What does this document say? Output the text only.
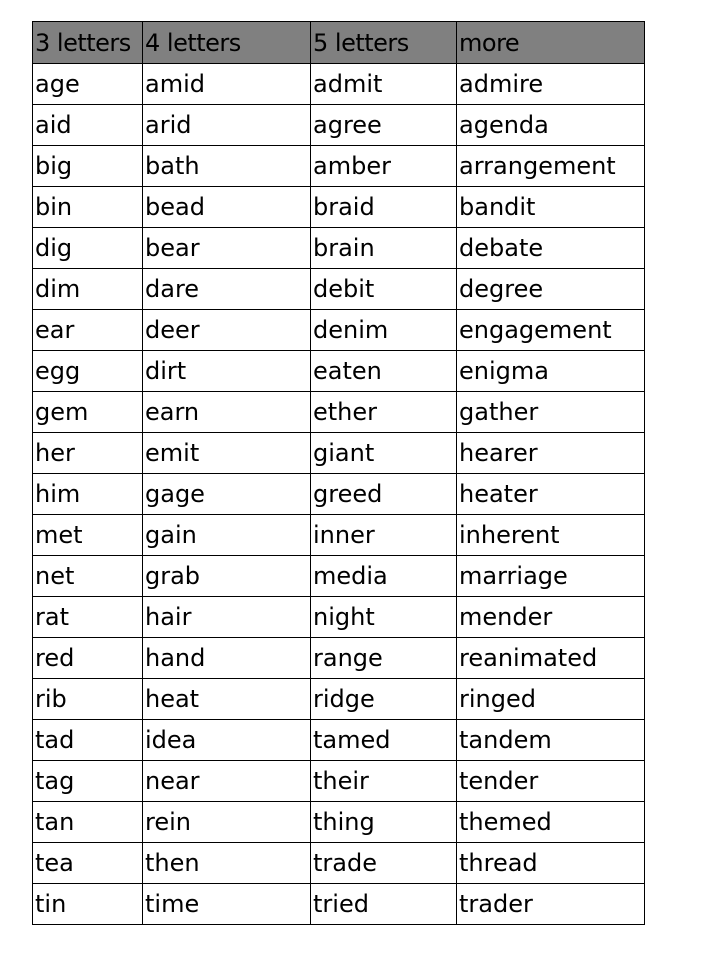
3 letters	4 letters	5 letters	more
age	amid	admit	admire
aid	arid	agree	agenda
big	bath	amber	arrangement
bin	bead	braid	bandit
dig	bear	brain	debate
dim	dare	debit	degree
ear	deer	denim	engagement
egg	dirt	eaten	enigma
gem	earn	ether	gather
her	emit	giant	hearer
him	gage	greed	heater
met	gain	inner	inherent
net	grab	media	marriage
rat	hair	night	mender
red	hand	range	reanimated
rib	heat	ridge	ringed
tad	idea	tamed	tandem
tag	near	their	tender
tan	rein	thing	themed
tea	then	trade	thread
tin	time	tried	trader
